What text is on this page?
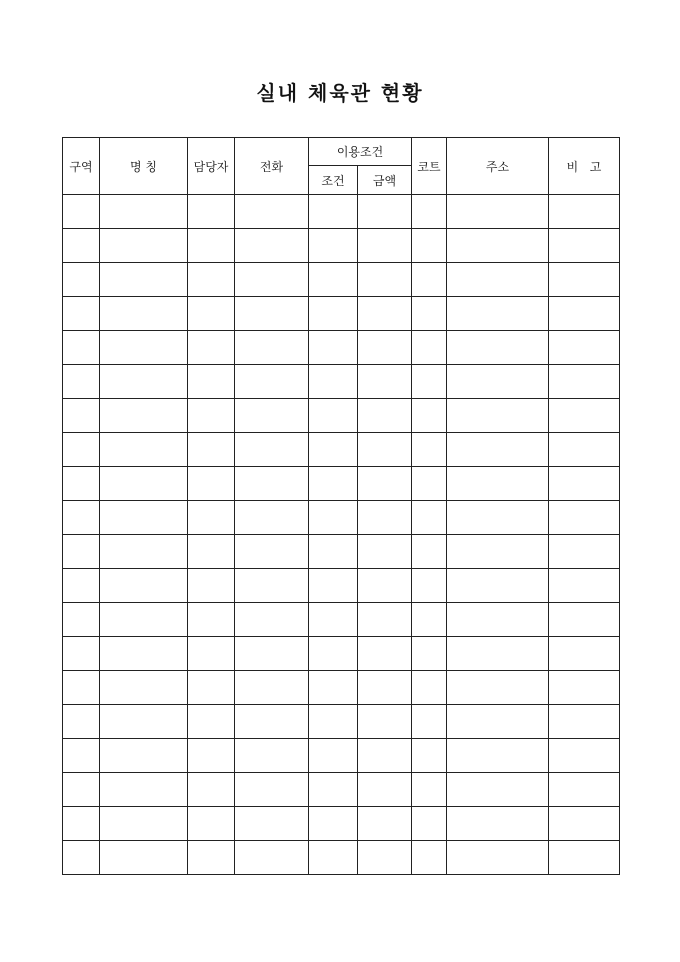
실내 체육관 현황
구역	명 칭	담당자	전화	이용조건		코트	주소	비   고
				조건	금액			
